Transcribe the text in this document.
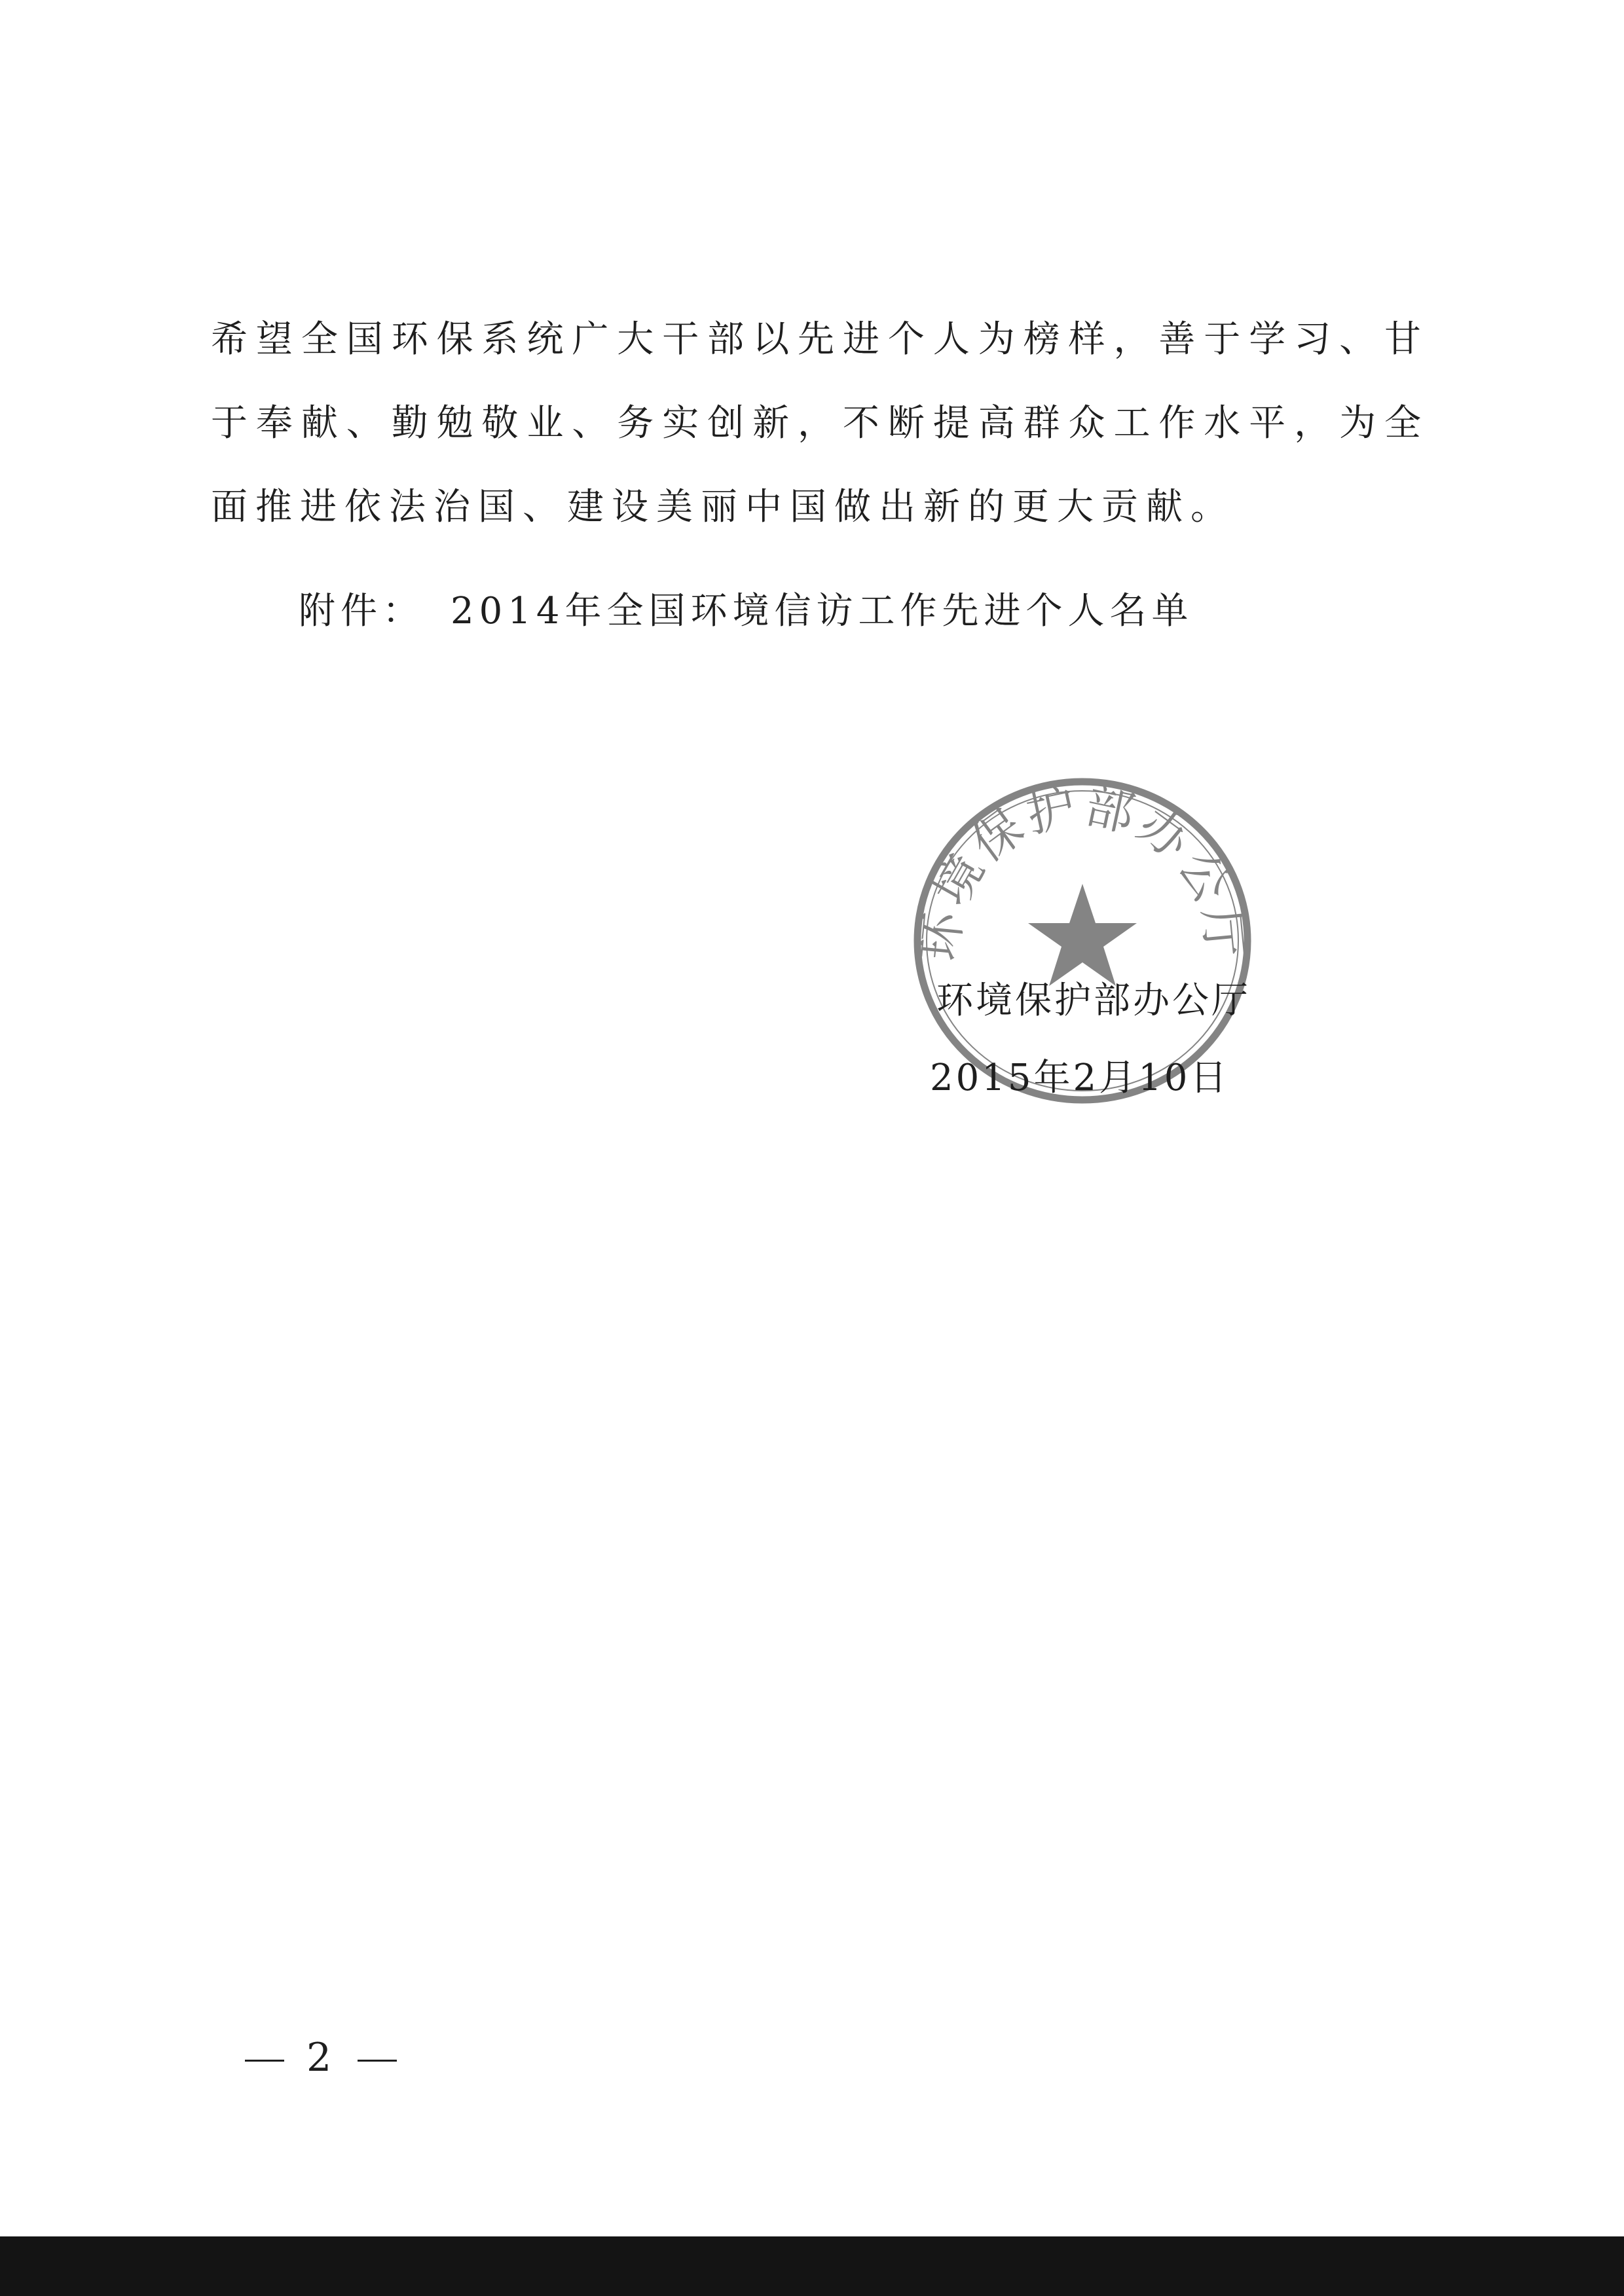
希望全国环保系统广大干部以先进个人为榜样，善于学习、甘于奉献、勤勉敬业、务实创新，不断提高群众工作水平，为全面推进依法治国、建设美丽中国做出新的更大贡献。

附件： 2014年全国环境信访工作先进个人名单
环境保护部办公厅
环境保护部办公厅
2015年2月10日
2
